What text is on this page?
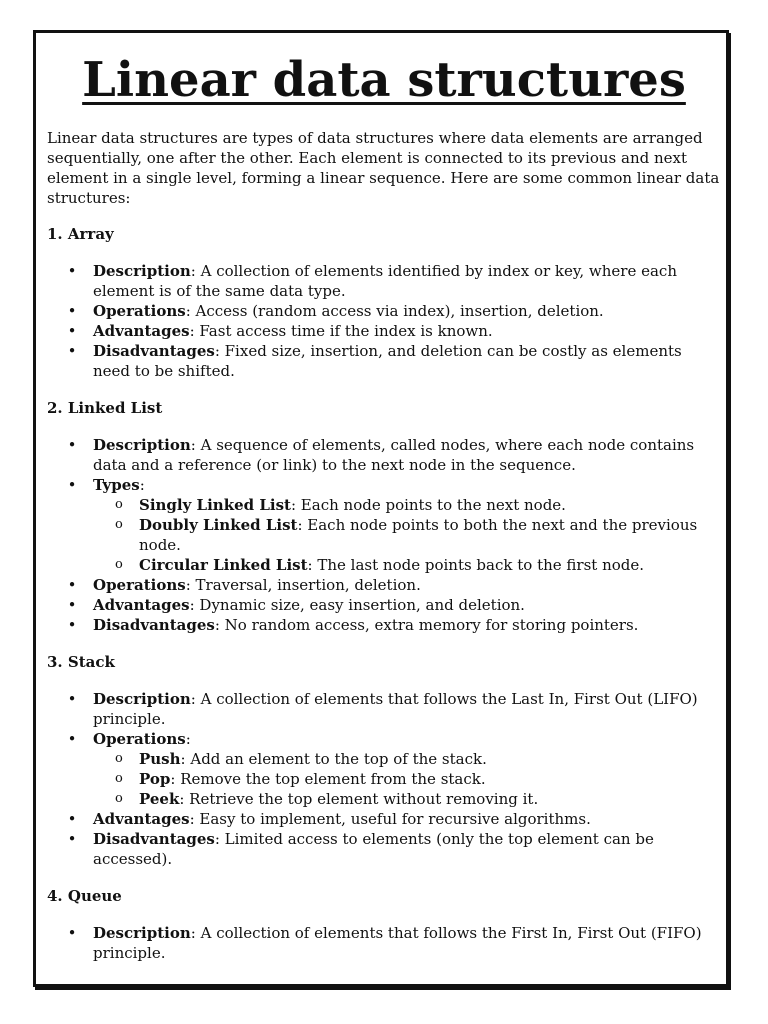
Linear data structures

Linear data structures are types of data structures where data elements are arranged sequentially, one after the other. Each element is connected to its previous and next element in a single level, forming a linear sequence. Here are some common linear data structures:

1. Array
• Description: A collection of elements identified by index or key, where each element is of the same data type.
• Operations: Access (random access via index), insertion, deletion.
• Advantages: Fast access time if the index is known.
• Disadvantages: Fixed size, insertion, and deletion can be costly as elements need to be shifted.
2. Linked List
• Description: A sequence of elements, called nodes, where each node contains data and a reference (or link) to the next node in the sequence.
• Types:
o Singly Linked List: Each node points to the next node.
o Doubly Linked List: Each node points to both the next and the previous node.
o Circular Linked List: The last node points back to the first node.
• Operations: Traversal, insertion, deletion.
• Advantages: Dynamic size, easy insertion, and deletion.
• Disadvantages: No random access, extra memory for storing pointers.
3. Stack
• Description: A collection of elements that follows the Last In, First Out (LIFO) principle.
• Operations:
o Push: Add an element to the top of the stack.
o Pop: Remove the top element from the stack.
o Peek: Retrieve the top element without removing it.
• Advantages: Easy to implement, useful for recursive algorithms.
• Disadvantages: Limited access to elements (only the top element can be accessed).
4. Queue
• Description: A collection of elements that follows the First In, First Out (FIFO) principle.
